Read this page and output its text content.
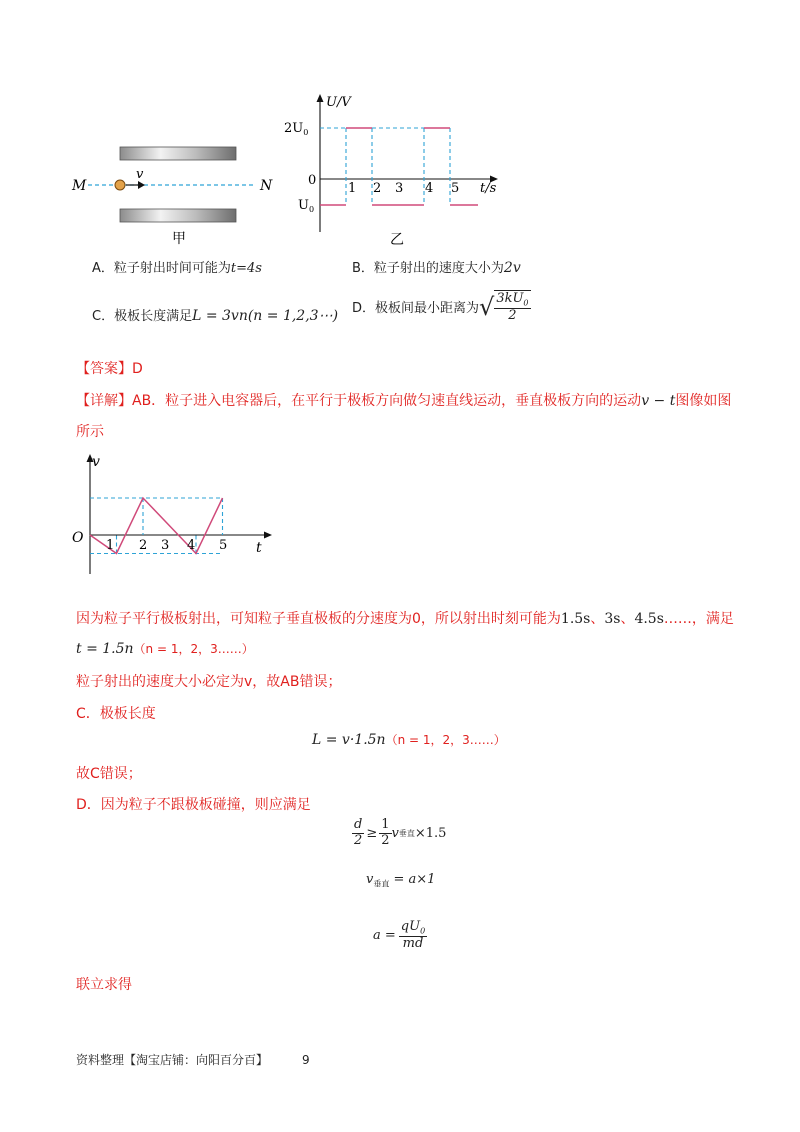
M
v
N
甲
U/V
$2U_0$
0
$U_0$
1 2 3 4 5 t/s
乙
A．粒子射出时间可能为t=4s	B．粒子射出的速度大小为2v
C．极板长度满足L = 3vn(n = 1,2,3⋯) D．极板间最小距离为 √ $\frac{3kU_0}{2}$
【答案】D
【详解】AB．粒子进入电容器后，在平行于极板方向做匀速直线运动，垂直极板方向的运动v − t图像如图
所示
v
O
t
1 2 3 4 5
因为粒子平行极板射出，可知粒子垂直极板的分速度为0，所以射出时刻可能为1.5s、3s、4.5s……，满足
t = 1.5n（n = 1，2，3……）
粒子射出的速度大小必定为v，故AB错误；
C．极板长度
L = v·1.5n（n = 1，2，3……）
故C错误；
D．因为粒子不跟极板碰撞，则应满足
$\frac{d}{2} \ge \frac{1}{2}$ v 垂直 ×1.5
$v_{垂直} = a\times 1$
$a = \frac{qU_0}{md}$
联立求得
资料整理【淘宝店铺：向阳百分百】	9
